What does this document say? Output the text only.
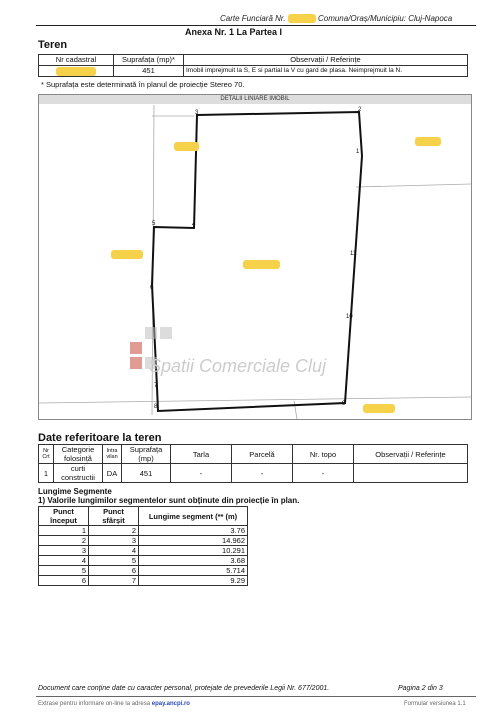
Carte Funciară Nr.	Comuna/Oraș/Municipiu: Cluj-Napoca
Anexa Nr. 1 La Partea I
Teren
Nr cadastral	Suprafața (mp)*	Observații / Referințe
	451	Imobil imprejmuit la S, E si partial la V cu gard de plasa. Neimprejmuit la N.
* Suprafața este determinată în planul de proiecție Stereo 70.
DETALII LINIARE IMOBIL
Spatii Comerciale Cluj
1
2
3
4
5
6
7
8	9
10
11
Date referitoare la teren
Nr Crt	Categorie folosință	Intra vilan	Suprafața (mp)	Tarla	Parcelă	Nr. topo	Observații / Referințe
1	curti constructii	DA	451	-	-	-	
Lungime Segmente
1) Valorile lungimilor segmentelor sunt obținute din proiecție în plan.
Punct început	Punct sfârșit	Lungime segment (** (m)
1	2	3.76
2	3	14.962
3	4	10.291
4	5	3.68
5	6	5.714
6	7	9.29
Document care conține date cu caracter personal, protejate de prevederile Legii Nr. 677/2001.	Pagina 2 din 3
Extrase pentru informare on-line la adresa epay.ancpi.ro	Formular versiunea 1.1
